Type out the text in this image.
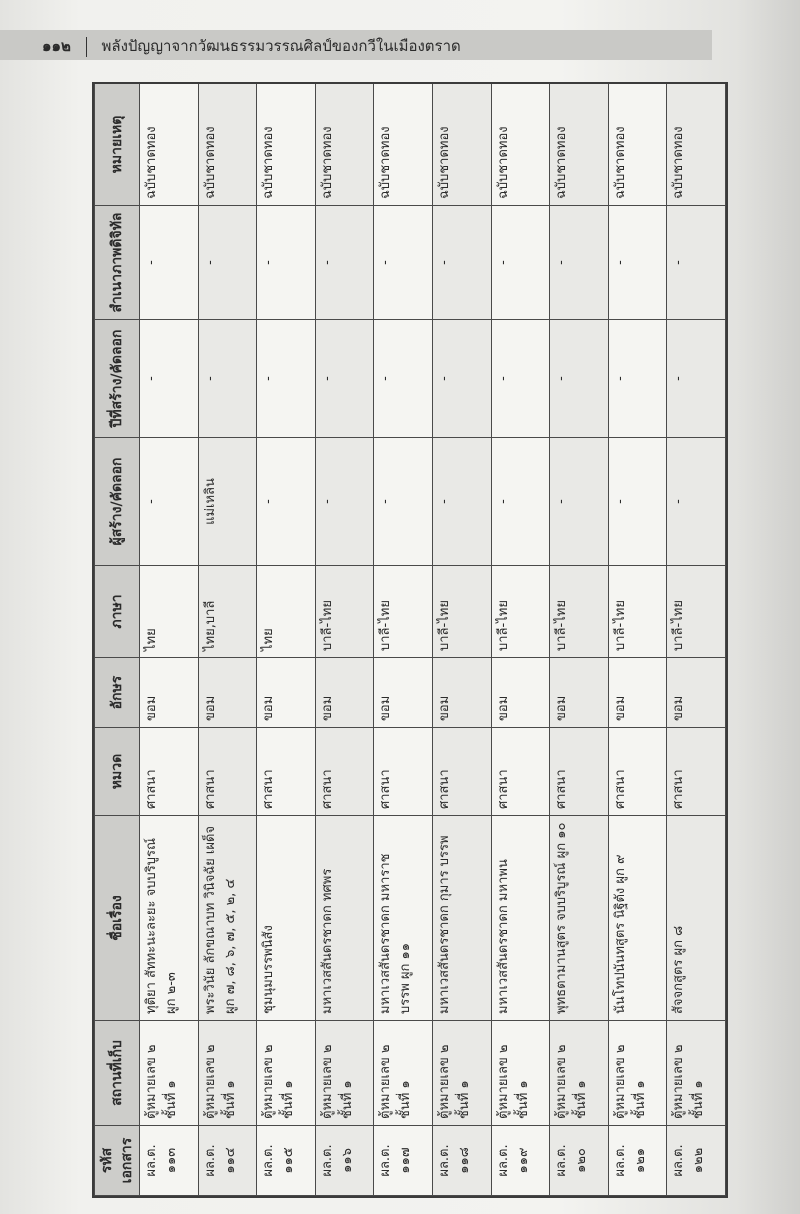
๑๑๒ พลังปัญญาจากวัฒนธรรมวรรณศิลป์ของกวีในเมืองตราด
รหัสเอกสาร	สถานที่เก็บ	ชื่อเรื่อง	หมวด	อักษร	ภาษา	ผู้สร้าง/คัดลอก	ปีที่สร้าง/คัดลอก	สำเนาภาพดิจิทัล	หมายเหตุ
ผล.ต. ๑๑๓	ตู้หมายเลข ๒ ชั้นที่ ๑	ทุติยา สัททะนะละยะ จบบริบูรณ์ ผูก ๒-๓	ศาสนา	ขอม	ไทย	-	-	-	ฉบับชาดทอง
ผล.ต. ๑๑๔	ตู้หมายเลข ๒ ชั้นที่ ๑	พระวินัย ลักขณาบท วินิจฉัย เผด็จ ผูก ๗, ๘, ๖, ๗, ๕, ๒, ๔	ศาสนา	ขอม	ไทย,บาลี	แม่เหลิน	-	-	ฉบับชาดทอง
ผล.ต. ๑๑๕	ตู้หมายเลข ๒ ชั้นที่ ๑	ชุมนุมบรรพนิสัง	ศาสนา	ขอม	ไทย	-	-	-	ฉบับชาดทอง
ผล.ต. ๑๑๖	ตู้หมายเลข ๒ ชั้นที่ ๑	มหาเวสสันดรชาดก ทศพร	ศาสนา	ขอม	บาลี-ไทย	-	-	-	ฉบับชาดทอง
ผล.ต. ๑๑๗	ตู้หมายเลข ๒ ชั้นที่ ๑	มหาเวสสันดรชาดก มหาราช บรรพ ผูก ๑๑	ศาสนา	ขอม	บาลี-ไทย	-	-	-	ฉบับชาดทอง
ผล.ต. ๑๑๘	ตู้หมายเลข ๒ ชั้นที่ ๑	มหาเวสสันดรชาดก กุมาร บรรพ	ศาสนา	ขอม	บาลี-ไทย	-	-	-	ฉบับชาดทอง
ผล.ต. ๑๑๙	ตู้หมายเลข ๒ ชั้นที่ ๑	มหาเวสสันดรชาดก มหาพน	ศาสนา	ขอม	บาลี-ไทย	-	-	-	ฉบับชาดทอง
ผล.ต. ๑๒๐	ตู้หมายเลข ๒ ชั้นที่ ๑	พุทธตามานสูตร จบบริบูรณ์ ผูก ๑๐	ศาสนา	ขอม	บาลี-ไทย	-	-	-	ฉบับชาดทอง
ผล.ต. ๑๒๑	ตู้หมายเลข ๒ ชั้นที่ ๑	นันโทปนันทสูตร นิฐิตัง ผูก ๙	ศาสนา	ขอม	บาลี-ไทย	-	-	-	ฉบับชาดทอง
ผล.ต. ๑๒๒	ตู้หมายเลข ๒ ชั้นที่ ๑	สัจจกสูตร ผูก ๘	ศาสนา	ขอม	บาลี-ไทย	-	-	-	ฉบับชาดทอง
